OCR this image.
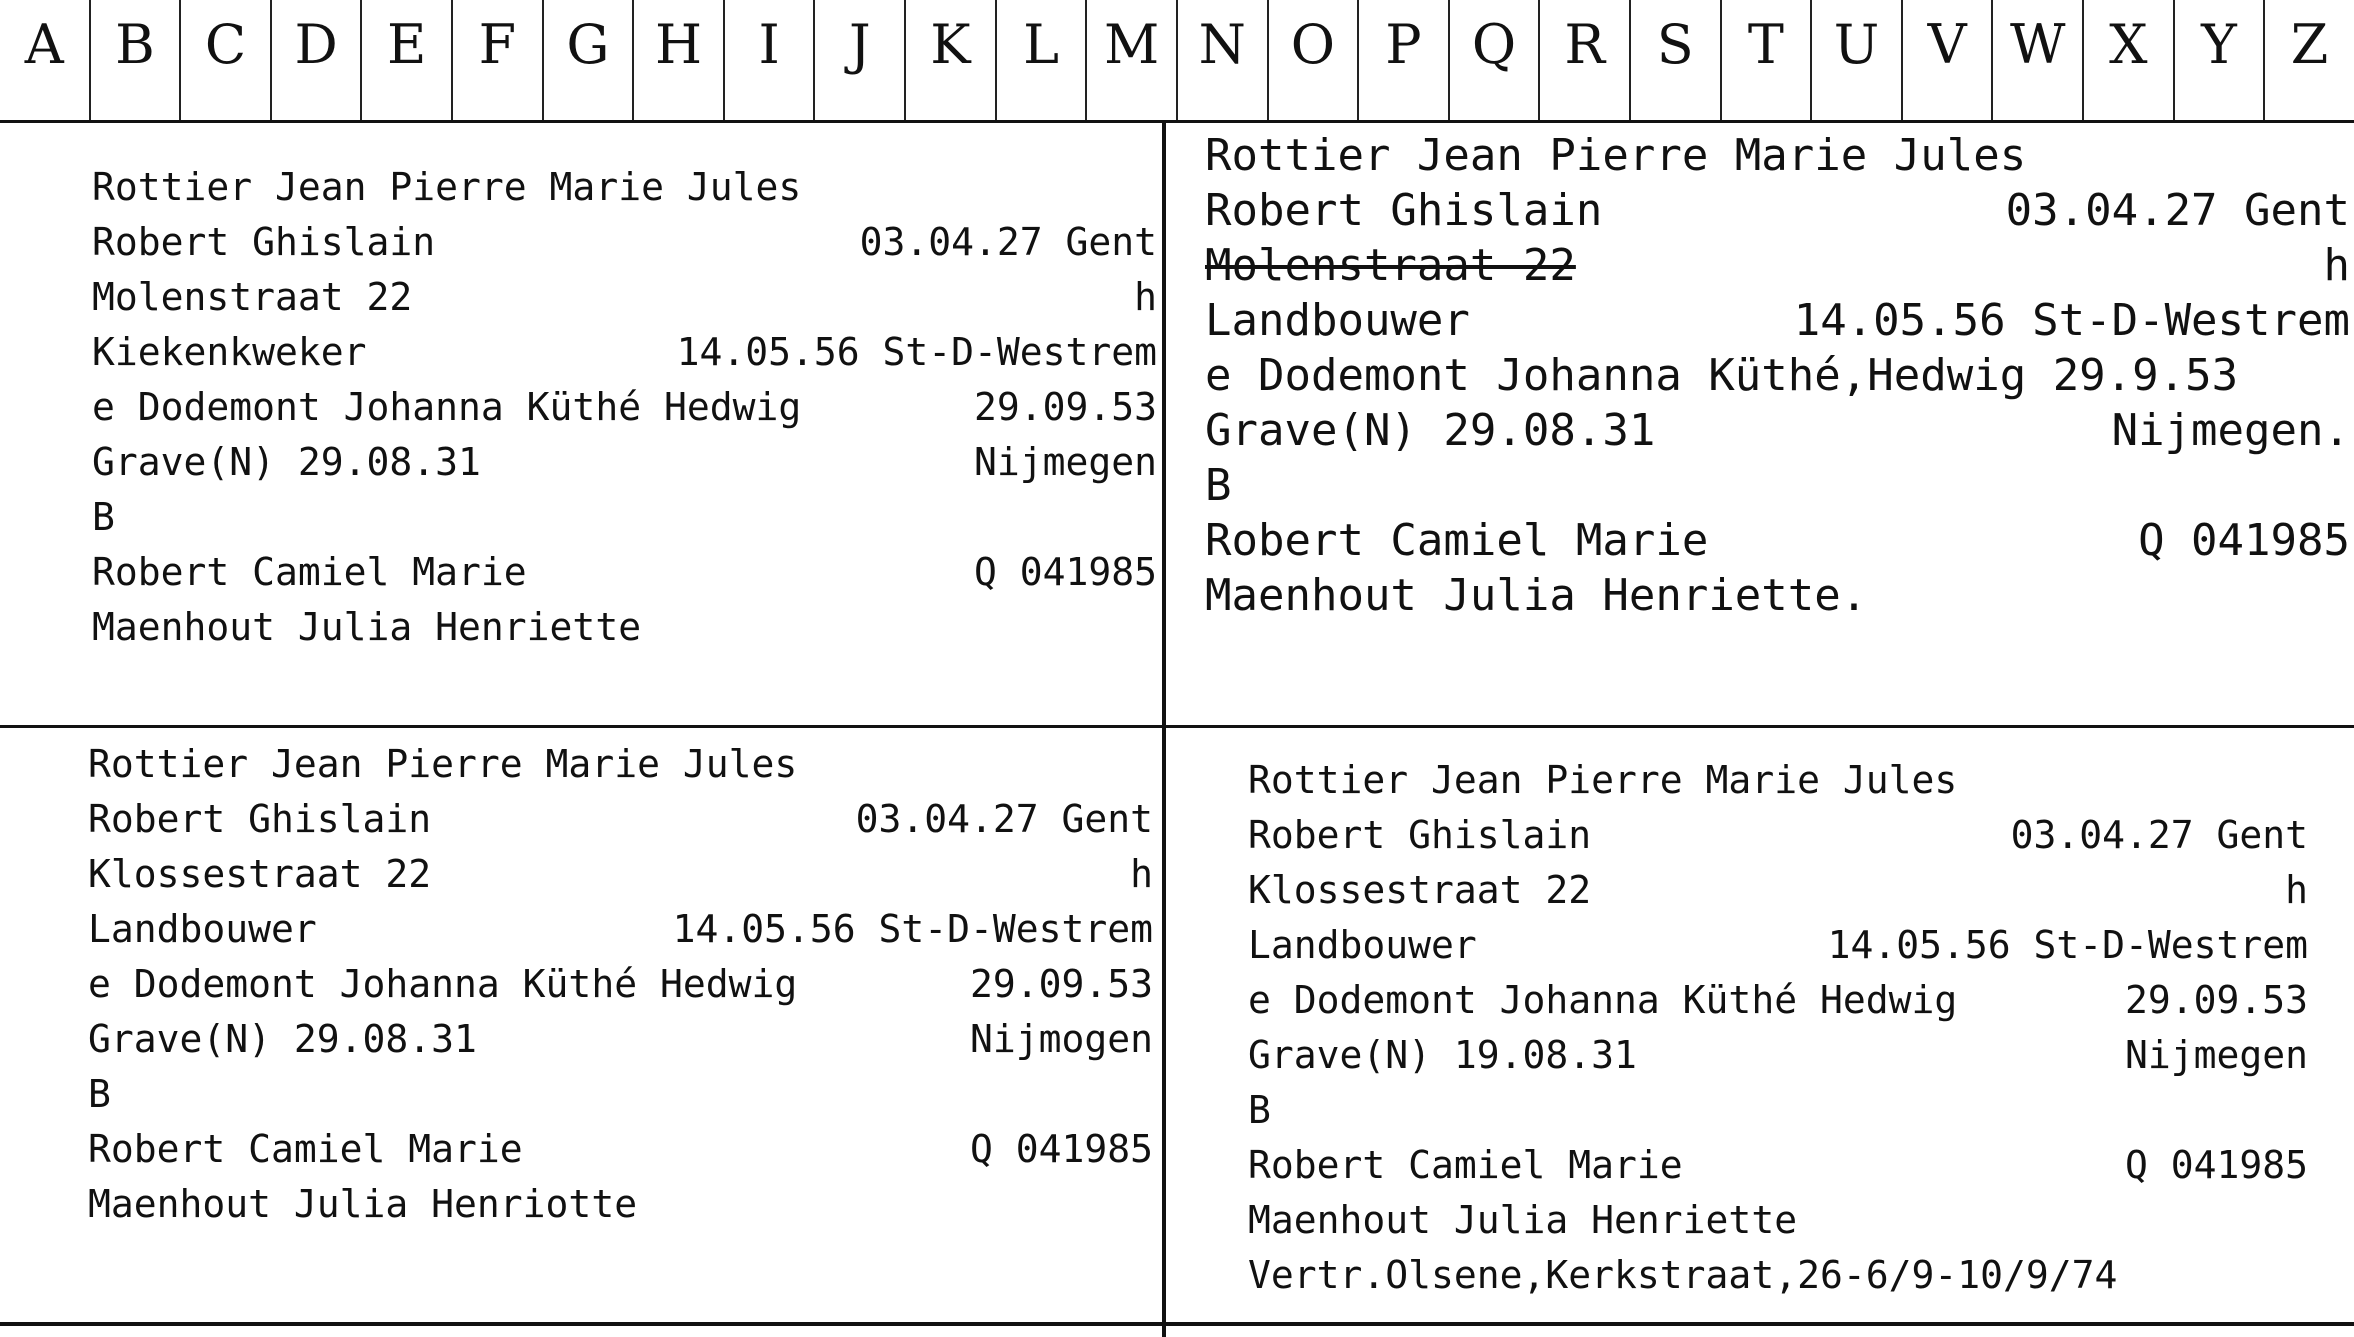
A B C D E F G H	I	J	K L M N O P Q R S	T U V W X Y	Z
Rottier Jean Pierre Marie Jules
Robert Ghislain	03.04.27 Gent
Molenstraat 22	h
Kiekenkweker	14.05.56 St-D-Westrem
e Dodemont Johanna Küthé Hedwig	29.09.53
Grave(N) 29.08.31	Nijmegen
B
Robert Camiel Marie	Q 041985
Maenhout Julia Henriette
Rottier Jean Pierre Marie Jules
Robert Ghislain	03.04.27 Gent
Molenstraat 22	h
Landbouwer	14.05.56 St-D-Westrem
e Dodemont Johanna Küthé,Hedwig 29.9.53
Grave(N) 29.08.31	Nijmegen.
B
Robert Camiel Marie	Q 041985
Maenhout Julia Henriette.
Rottier Jean Pierre Marie Jules
Robert Ghislain	03.04.27 Gent
Klossestraat 22	h
Landbouwer	14.05.56 St-D-Westrem
e Dodemont Johanna Küthé Hedwig	29.09.53
Grave(N) 29.08.31	Nijmogen
B
Robert Camiel Marie	Q 041985
Maenhout Julia Henriotte
Rottier Jean Pierre Marie Jules
Robert Ghislain	03.04.27 Gent
Klossestraat 22	h
Landbouwer	14.05.56 St-D-Westrem
e Dodemont Johanna Küthé Hedwig	29.09.53
Grave(N) 19.08.31	Nijmegen
B
Robert Camiel Marie	Q 041985
Maenhout Julia Henriette
Vertr.Olsene,Kerkstraat,26-6/9-10/9/74
